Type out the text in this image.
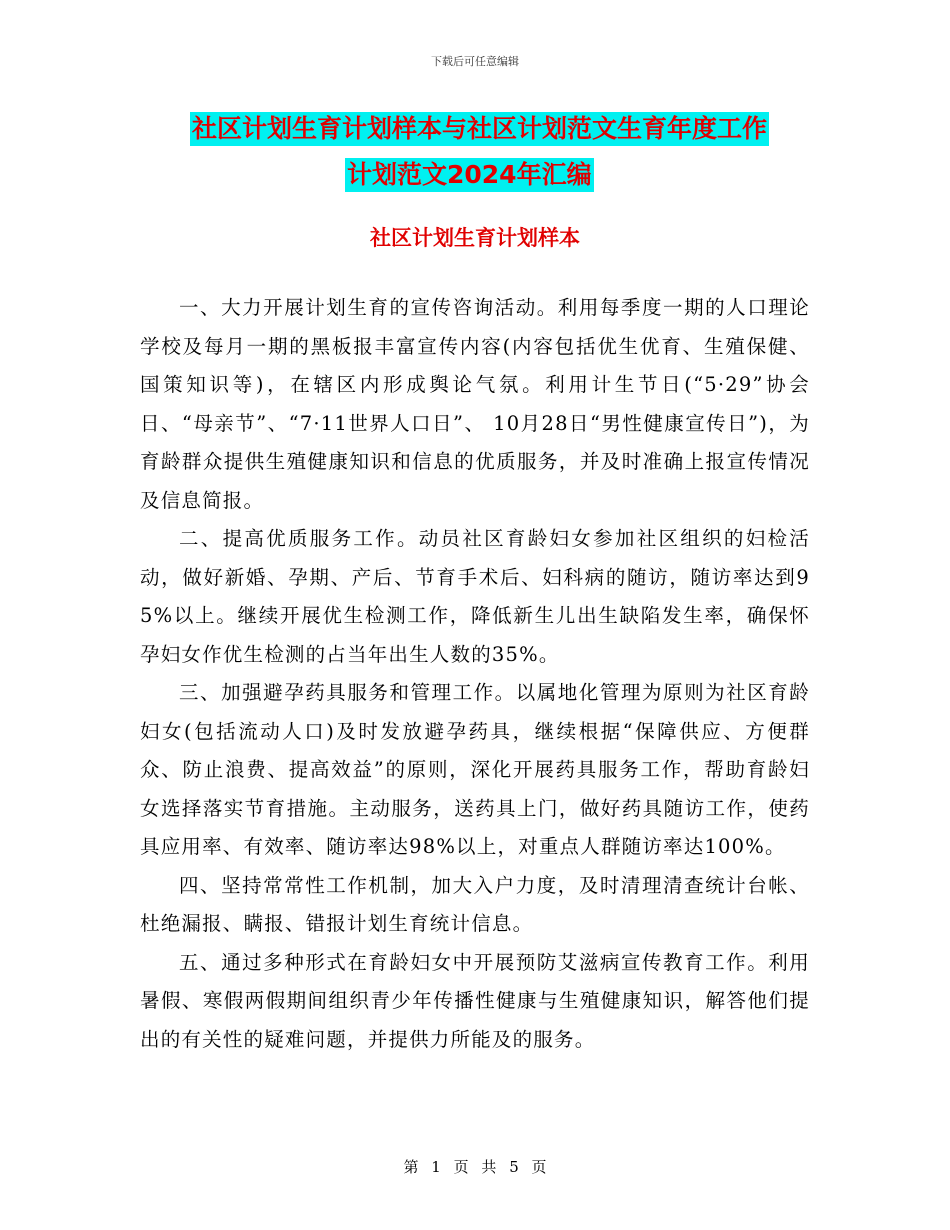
下载后可任意编辑
社区计划生育计划样本与社区计划范文生育年度工作
计划范文2024年汇编
社区计划生育计划样本

一、大力开展计划生育的宣传咨询活动。利用每季度一期的人口理论学校及每月一期的黑板报丰富宣传内容(内容包括优生优育、生殖保健、国策知识等)，在辖区内形成舆论气氛。利用计生节日(“5·29”协会日、“母亲节”、“7·11世界人口日”、 10月28日“男性健康宣传日”)，为育龄群众提供生殖健康知识和信息的优质服务，并及时准确上报宣传情况及信息简报。

二、提高优质服务工作。动员社区育龄妇女参加社区组织的妇检活动，做好新婚、孕期、产后、节育手术后、妇科病的随访，随访率达到95%以上。继续开展优生检测工作，降低新生儿出生缺陷发生率，确保怀孕妇女作优生检测的占当年出生人数的35%。

三、加强避孕药具服务和管理工作。以属地化管理为原则为社区育龄妇女(包括流动人口)及时发放避孕药具，继续根据“保障供应、方便群众、防止浪费、提高效益”的原则，深化开展药具服务工作，帮助育龄妇女选择落实节育措施。主动服务，送药具上门，做好药具随访工作，使药具应用率、有效率、随访率达98%以上，对重点人群随访率达100%。

四、坚持常常性工作机制，加大入户力度，及时清理清查统计台帐、杜绝漏报、瞒报、错报计划生育统计信息。

五、通过多种形式在育龄妇女中开展预防艾滋病宣传教育工作。利用暑假、寒假两假期间组织青少年传播性健康与生殖健康知识，解答他们提出的有关性的疑难问题，并提供力所能及的服务。

第 1 页 共 5 页
